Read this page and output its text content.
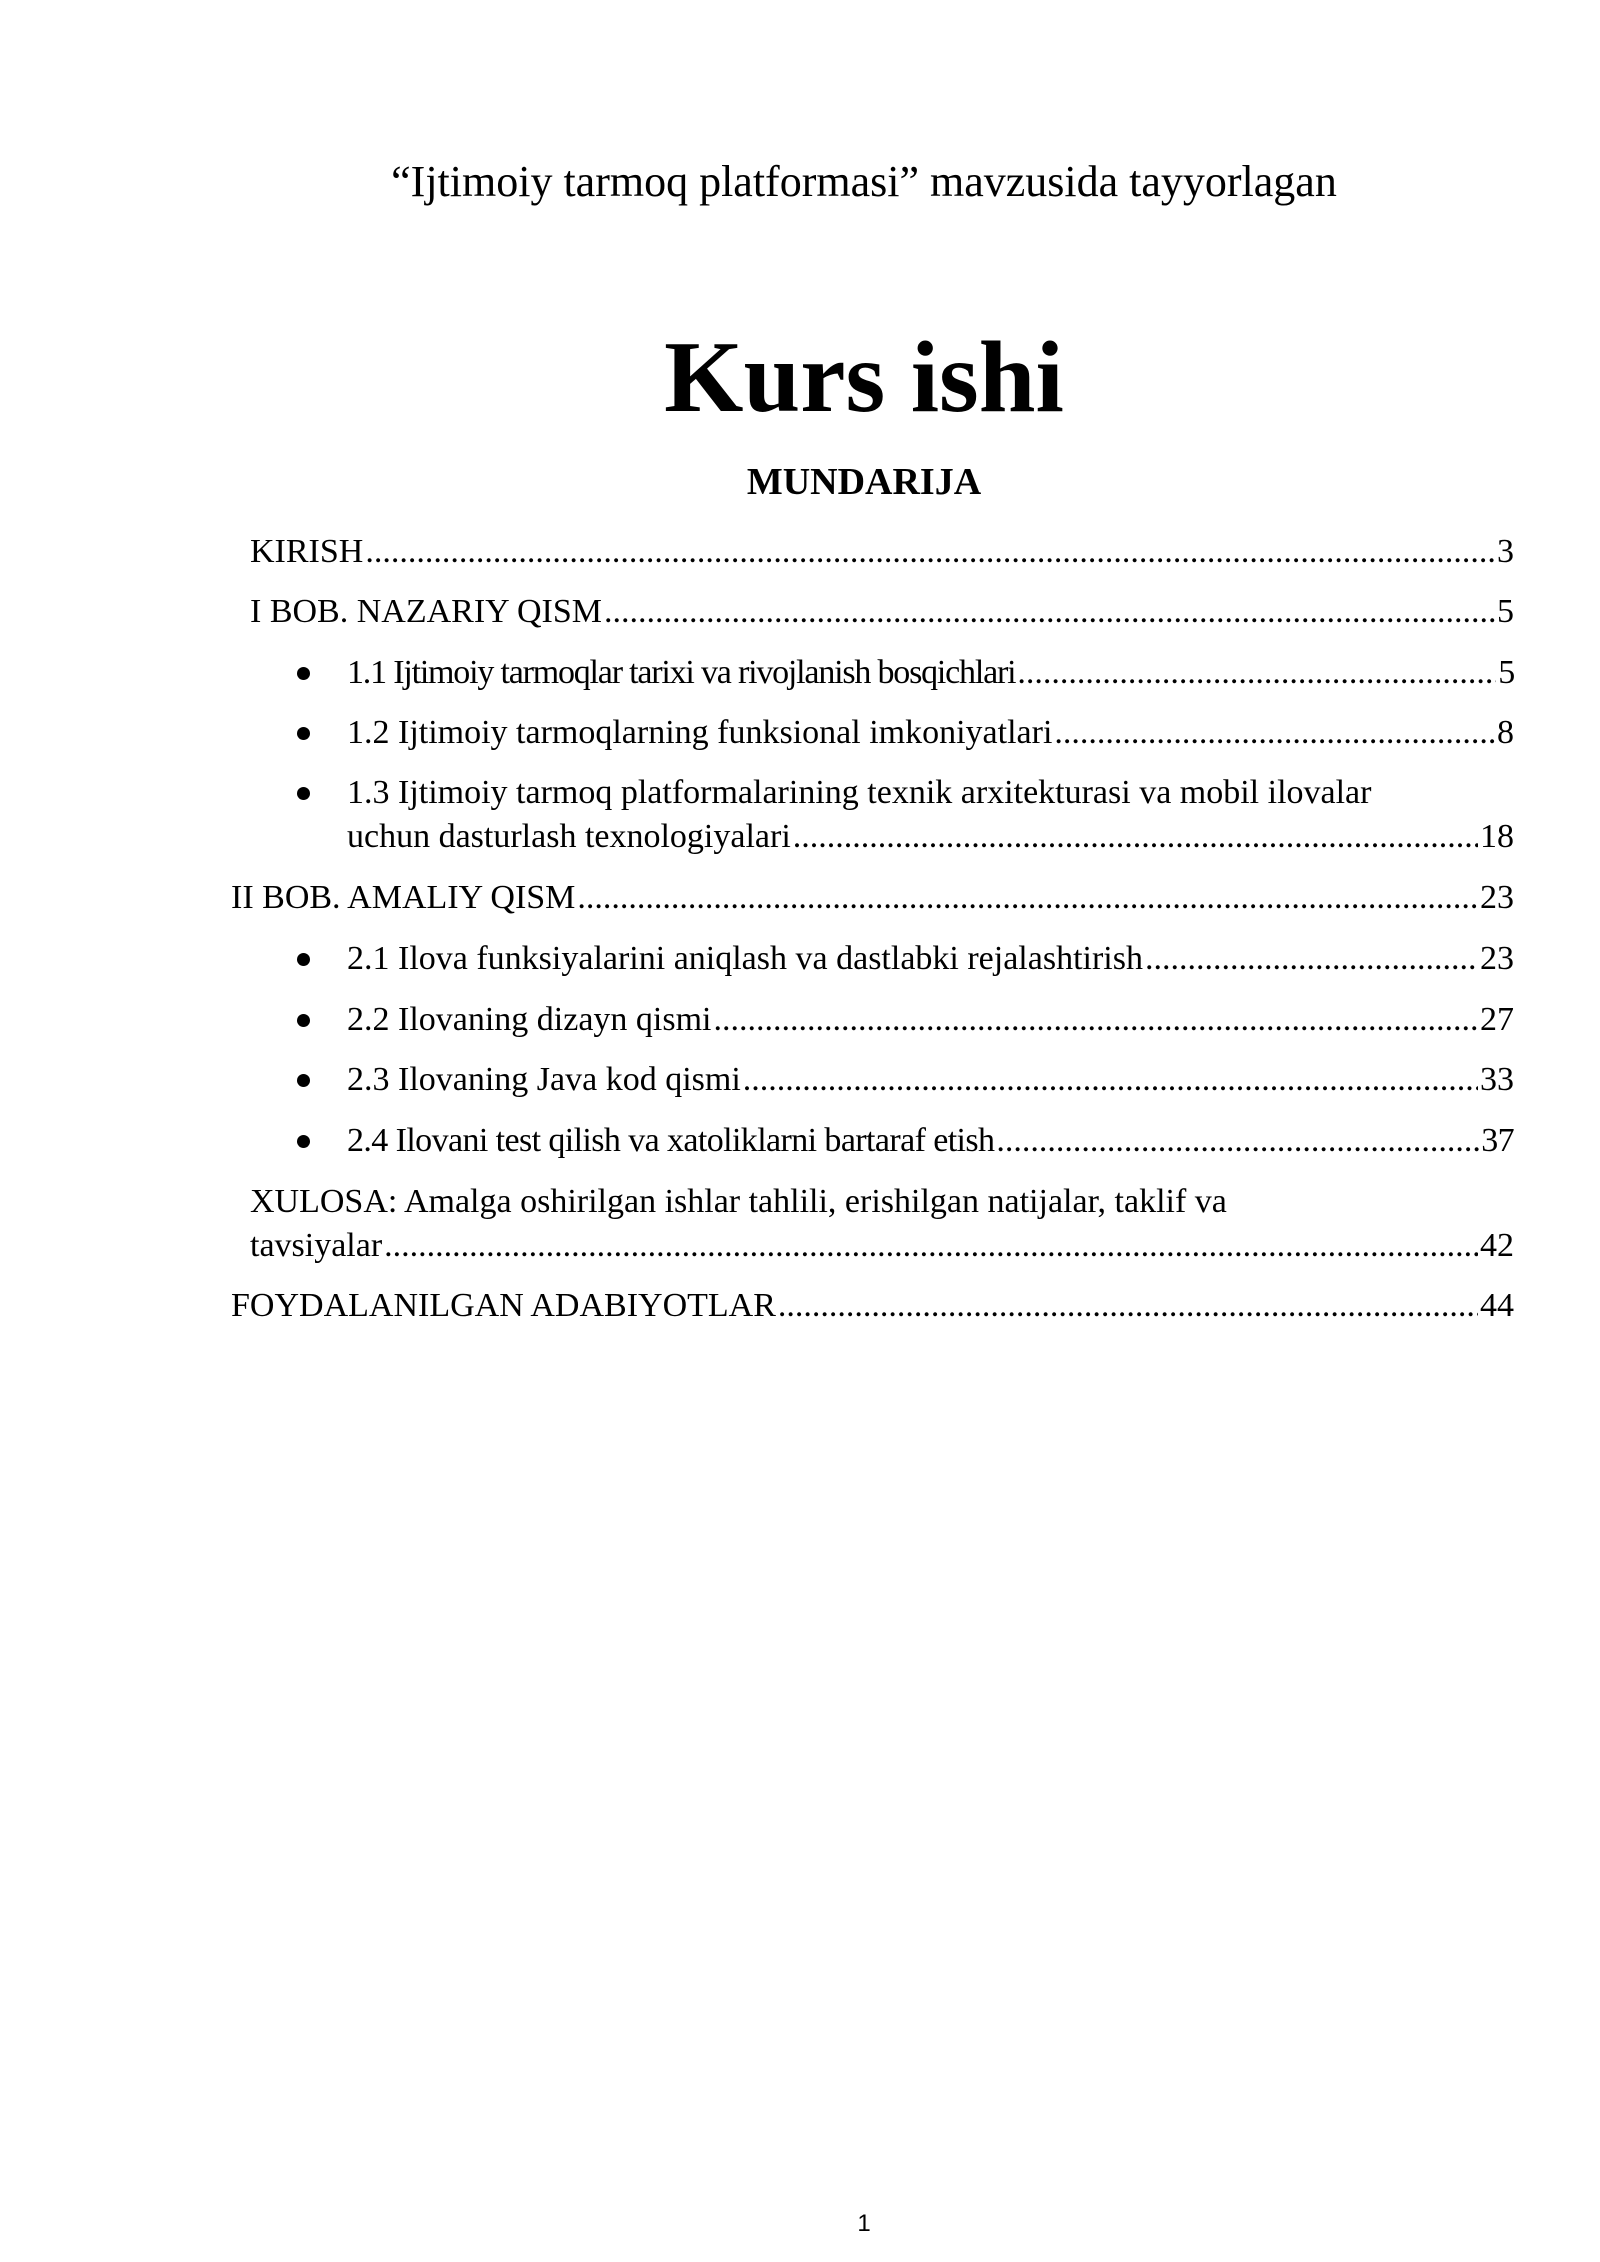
“Ijtimoiy tarmoq platformasi” mavzusida tayyorlagan
Kurs ishi
MUNDARIJA
KIRISH .....	3
I BOB. NAZARIY QISM .....	5
1.1 Ijtimoiy tarmoqlar tarixi va rivojlanish bosqichlari .....	5
1.2 Ijtimoiy tarmoqlarning funksional imkoniyatlari .....	8
1.3 Ijtimoiy tarmoq platformalarining texnik arxitekturasi va mobil ilovalar
uchun dasturlash texnologiyalari .....	18
II BOB. AMALIY QISM .....	23
2.1 Ilova funksiyalarini aniqlash va dastlabki rejalashtirish .....	23
2.2 Ilovaning dizayn qismi .....	27
2.3 Ilovaning Java kod qismi .....	33
2.4 Ilovani test qilish va xatoliklarni bartaraf etish .....	37
XULOSA: Amalga oshirilgan ishlar tahlili, erishilgan natijalar, taklif va
tavsiyalar .....	42
FOYDALANILGAN ADABIYOTLAR .....	44
1
